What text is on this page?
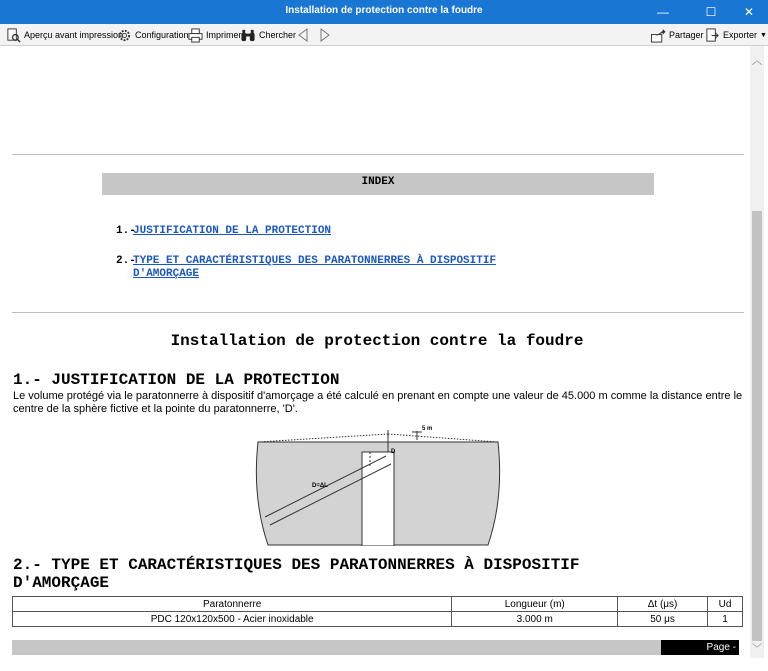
Installation de protection contre la foudre	—	☐	✕
Aperçu avant impression Configuration Imprimer Chercher	Partager Exporter ▼
INDEX
1.-
JUSTIFICATION DE LA PROTECTION
2.-
TYPE ET CARACTÉRISTIQUES DES PARATONNERRES À DISPOSITIF
D'AMORÇAGE
Installation de protection contre la foudre
1.- JUSTIFICATION DE LA PROTECTION
Le volume protégé via le paratonnerre à dispositif d'amorçage a été calculé en prenant en compte une valeur de 45.000 m comme la distance entre le centre de la sphère fictive et la pointe du paratonnerre, 'D'.
D=ΔL
5 m
D
2.- TYPE ET CARACTÉRISTIQUES DES PARATONNERRES À DISPOSITIF
D'AMORÇAGE
Paratonnerre	Longueur (m)	Δt (μs)	Ud
PDC 120x120x500 - Acier inoxidable	3.000 m	50 μs	1
Page -
︿
﹀
